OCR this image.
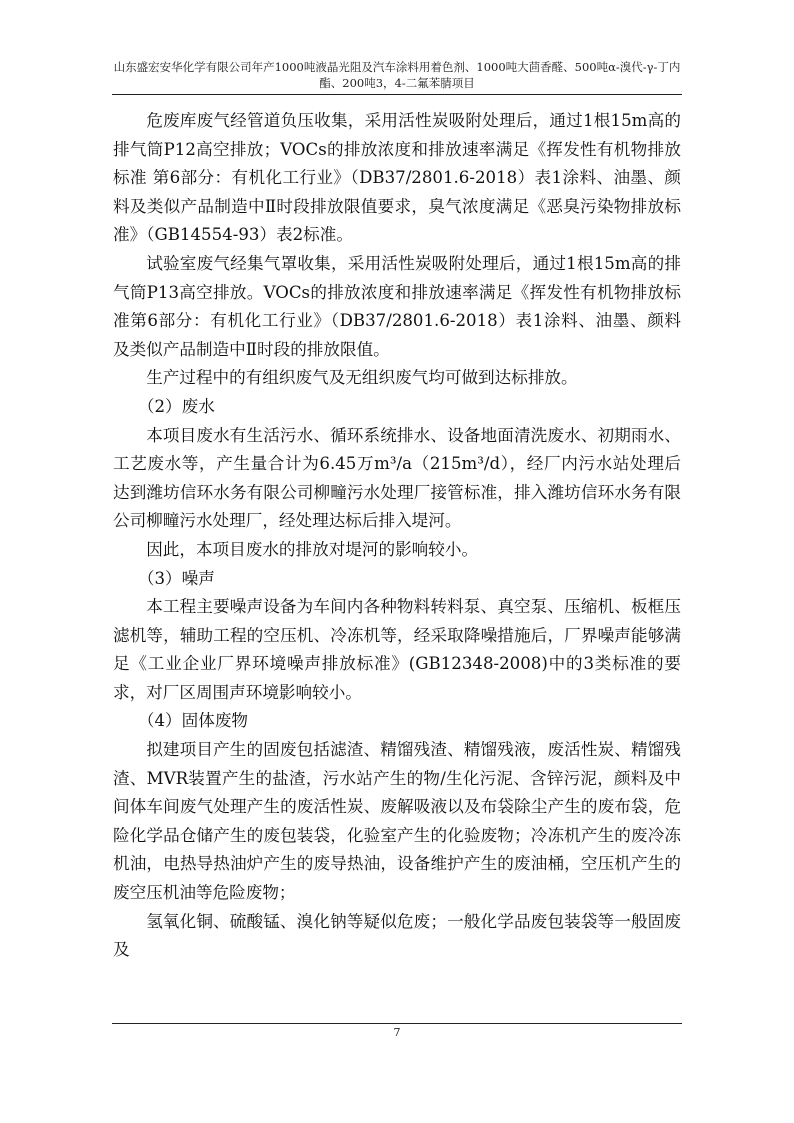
山东盛宏安华化学有限公司年产1000吨液晶光阻及汽车涂料用着色剂、1000吨大茴香醛、500吨α-溴代-γ-丁内酯、200吨3，4-二氟苯腈项目

危废库废气经管道负压收集，采用活性炭吸附处理后，通过1根15m高的排气筒P12高空排放；VOCs的排放浓度和排放速率满足《挥发性有机物排放标准 第6部分：有机化工行业》（DB37/2801.6-2018）表1涂料、油墨、颜料及类似产品制造中Ⅱ时段排放限值要求，臭气浓度满足《恶臭污染物排放标准》（GB14554-93）表2标准。

试验室废气经集气罩收集，采用活性炭吸附处理后，通过1根15m高的排气筒P13高空排放。VOCs的排放浓度和排放速率满足《挥发性有机物排放标准第6部分：有机化工行业》（DB37/2801.6-2018）表1涂料、油墨、颜料及类似产品制造中Ⅱ时段的排放限值。

生产过程中的有组织废气及无组织废气均可做到达标排放。

（2）废水

本项目废水有生活污水、循环系统排水、设备地面清洗废水、初期雨水、工艺废水等，产生量合计为6.45万m³/a（215m³/d），经厂内污水站处理后达到潍坊信环水务有限公司柳疃污水处理厂接管标准，排入潍坊信环水务有限公司柳疃污水处理厂，经处理达标后排入堤河。

因此，本项目废水的排放对堤河的影响较小。

（3）噪声

本工程主要噪声设备为车间内各种物料转料泵、真空泵、压缩机、板框压滤机等，辅助工程的空压机、冷冻机等，经采取降噪措施后，厂界噪声能够满足《工业企业厂界环境噪声排放标准》(GB12348-2008)中的3类标准的要求，对厂区周围声环境影响较小。

（4）固体废物

拟建项目产生的固废包括滤渣、精馏残渣、精馏残液，废活性炭、精馏残渣、MVR装置产生的盐渣，污水站产生的物/生化污泥、含锌污泥，颜料及中间体车间废气处理产生的废活性炭、废解吸液以及布袋除尘产生的废布袋，危险化学品仓储产生的废包装袋，化验室产生的化验废物；冷冻机产生的废冷冻机油，电热导热油炉产生的废导热油，设备维护产生的废油桶，空压机产生的废空压机油等危险废物；

氢氧化铜、硫酸锰、溴化钠等疑似危废；一般化学品废包装袋等一般固废及

7
